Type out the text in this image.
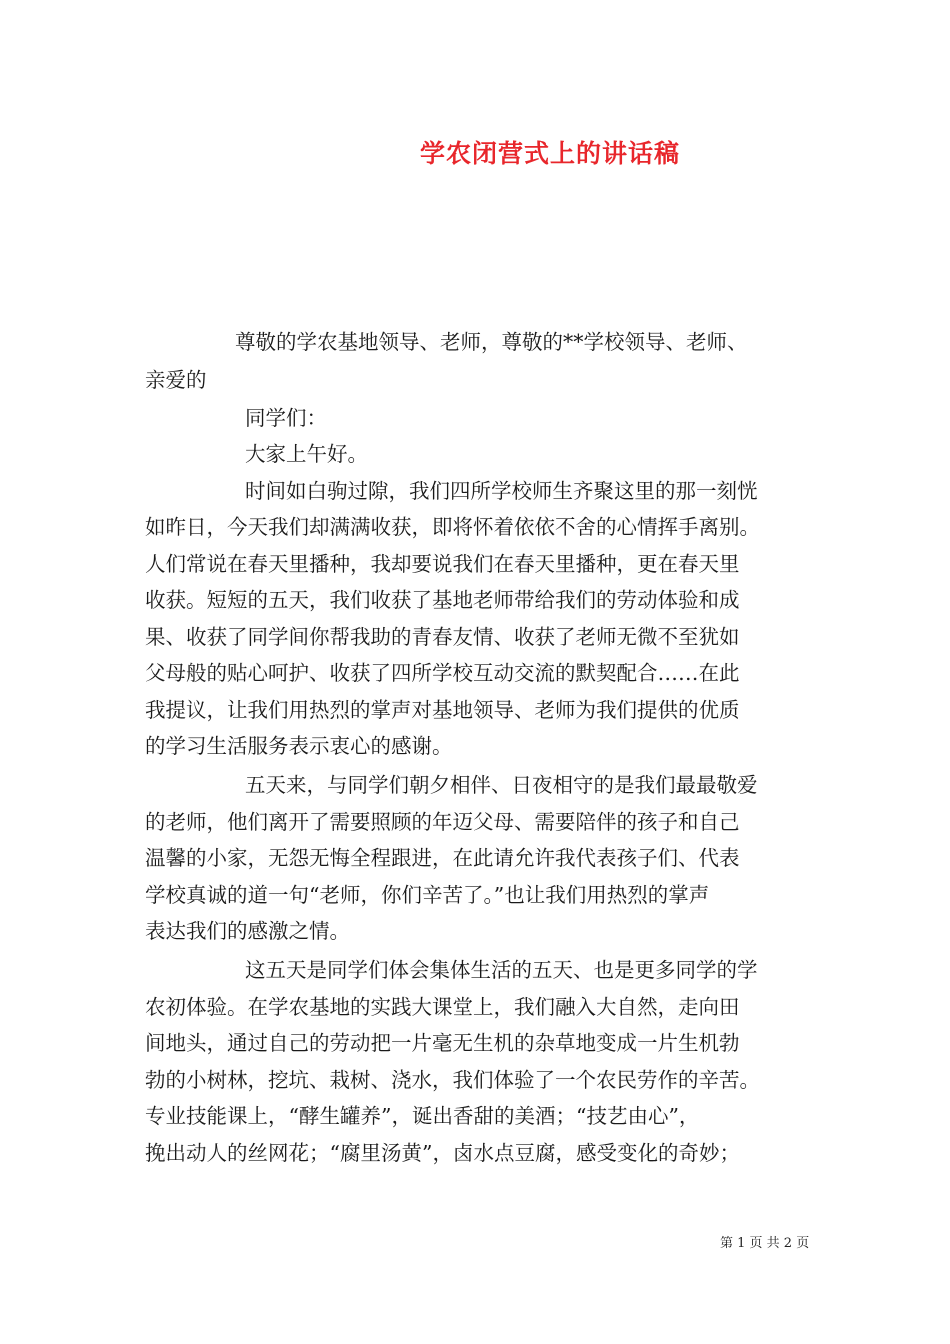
学农闭营式上的讲话稿
尊敬的学农基地领导、老师，尊敬的**学校领导、老师、
亲爱的
同学们：
大家上午好。
时间如白驹过隙，我们四所学校师生齐聚这里的那一刻恍
如昨日，今天我们却满满收获，即将怀着依依不舍的心情挥手离别。
人们常说在春天里播种，我却要说我们在春天里播种，更在春天里
收获。短短的五天，我们收获了基地老师带给我们的劳动体验和成
果、收获了同学间你帮我助的青春友情、收获了老师无微不至犹如
父母般的贴心呵护、收获了四所学校互动交流的默契配合……在此
我提议，让我们用热烈的掌声对基地领导、老师为我们提供的优质
的学习生活服务表示衷心的感谢。
五天来，与同学们朝夕相伴、日夜相守的是我们最最敬爱
的老师，他们离开了需要照顾的年迈父母、需要陪伴的孩子和自己
温馨的小家，无怨无悔全程跟进，在此请允许我代表孩子们、代表
学校真诚的道一句“老师，你们辛苦了。”也让我们用热烈的掌声
表达我们的感激之情。
这五天是同学们体会集体生活的五天、也是更多同学的学
农初体验。在学农基地的实践大课堂上，我们融入大自然，走向田
间地头，通过自己的劳动把一片毫无生机的杂草地变成一片生机勃
勃的小树林，挖坑、栽树、浇水，我们体验了一个农民劳作的辛苦。
专业技能课上，“酵生罐养”，诞出香甜的美酒；“技艺由心”，
挽出动人的丝网花；“腐里汤黄”，卤水点豆腐，感受变化的奇妙；
第 1 页 共 2 页
